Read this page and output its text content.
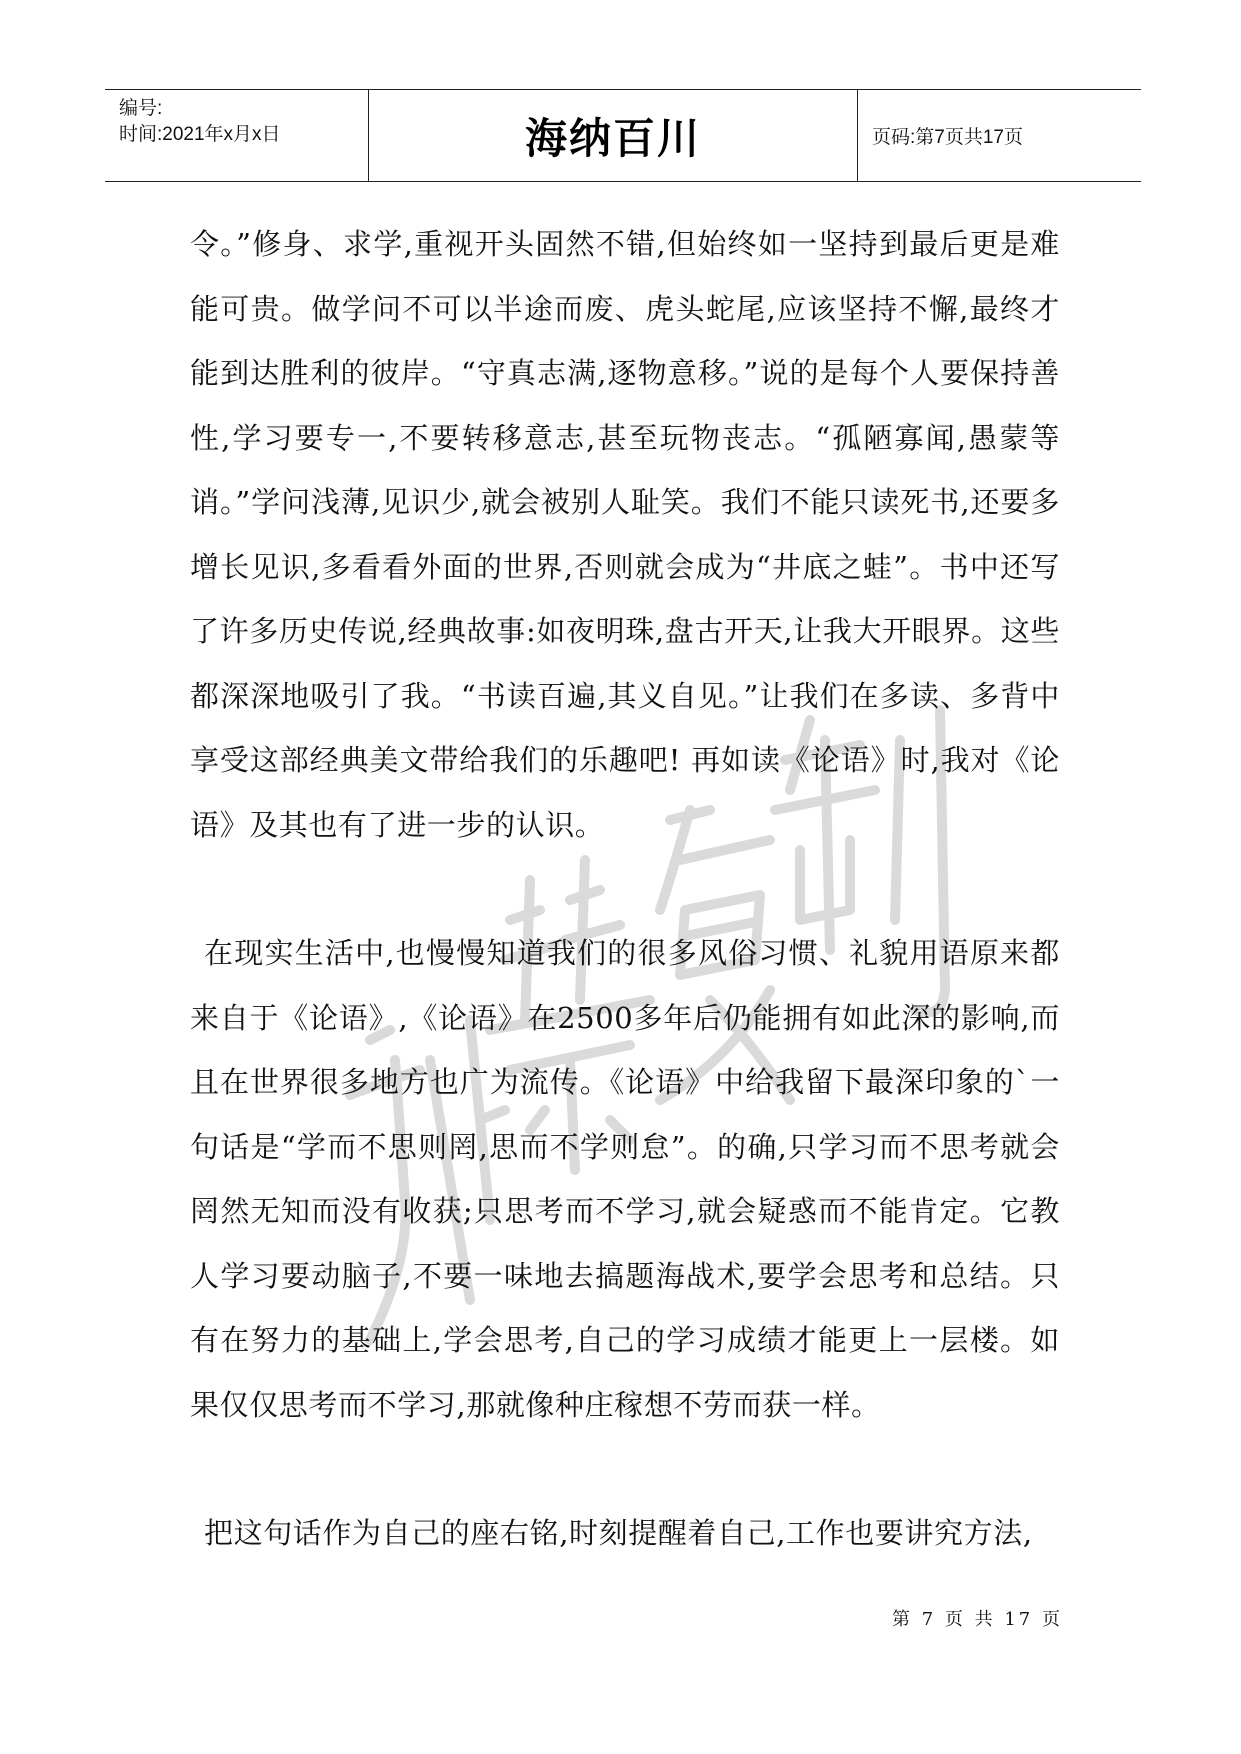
编号:
时间:2021年x月x日	海纳百川	页码:第7页共17页

令。”修身、求学,重视开头固然不错,但始终如一坚持到最后更是难能可贵。做学问不可以半途而废、虎头蛇尾,应该坚持不懈,最终才能到达胜利的彼岸。“守真志满,逐物意移。”说的是每个人要保持善性,学习要专一,不要转移意志,甚至玩物丧志。“孤陋寡闻,愚蒙等诮。”学问浅薄,见识少,就会被别人耻笑。我们不能只读死书,还要多增长见识,多看看外面的世界,否则就会成为“井底之蛙”。书中还写了许多历史传说,经典故事:如夜明珠,盘古开天,让我大开眼界。这些都深深地吸引了我。“书读百遍,其义自见。”让我们在多读、多背中享受这部经典美文带给我们的乐趣吧! 再如读《论语》时,我对《论语》及其也有了进一步的认识。

在现实生活中,也慢慢知道我们的很多风俗习惯、礼貌用语原来都来自于《论语》,《论语》在2500多年后仍能拥有如此深的影响,而且在世界很多地方也广为流传。《论语》中给我留下最深印象的`一句话是“学而不思则罔,思而不学则怠”。的确,只学习而不思考就会罔然无知而没有收获;只思考而不学习,就会疑惑而不能肯定。它教人学习要动脑子,不要一味地去搞题海战术,要学会思考和总结。只有在努力的基础上,学会思考,自己的学习成绩才能更上一层楼。如果仅仅思考而不学习,那就像种庄稼想不劳而获一样。

把这句话作为自己的座右铭,时刻提醒着自己,工作也要讲究方法,

第 7 页 共 17 页
